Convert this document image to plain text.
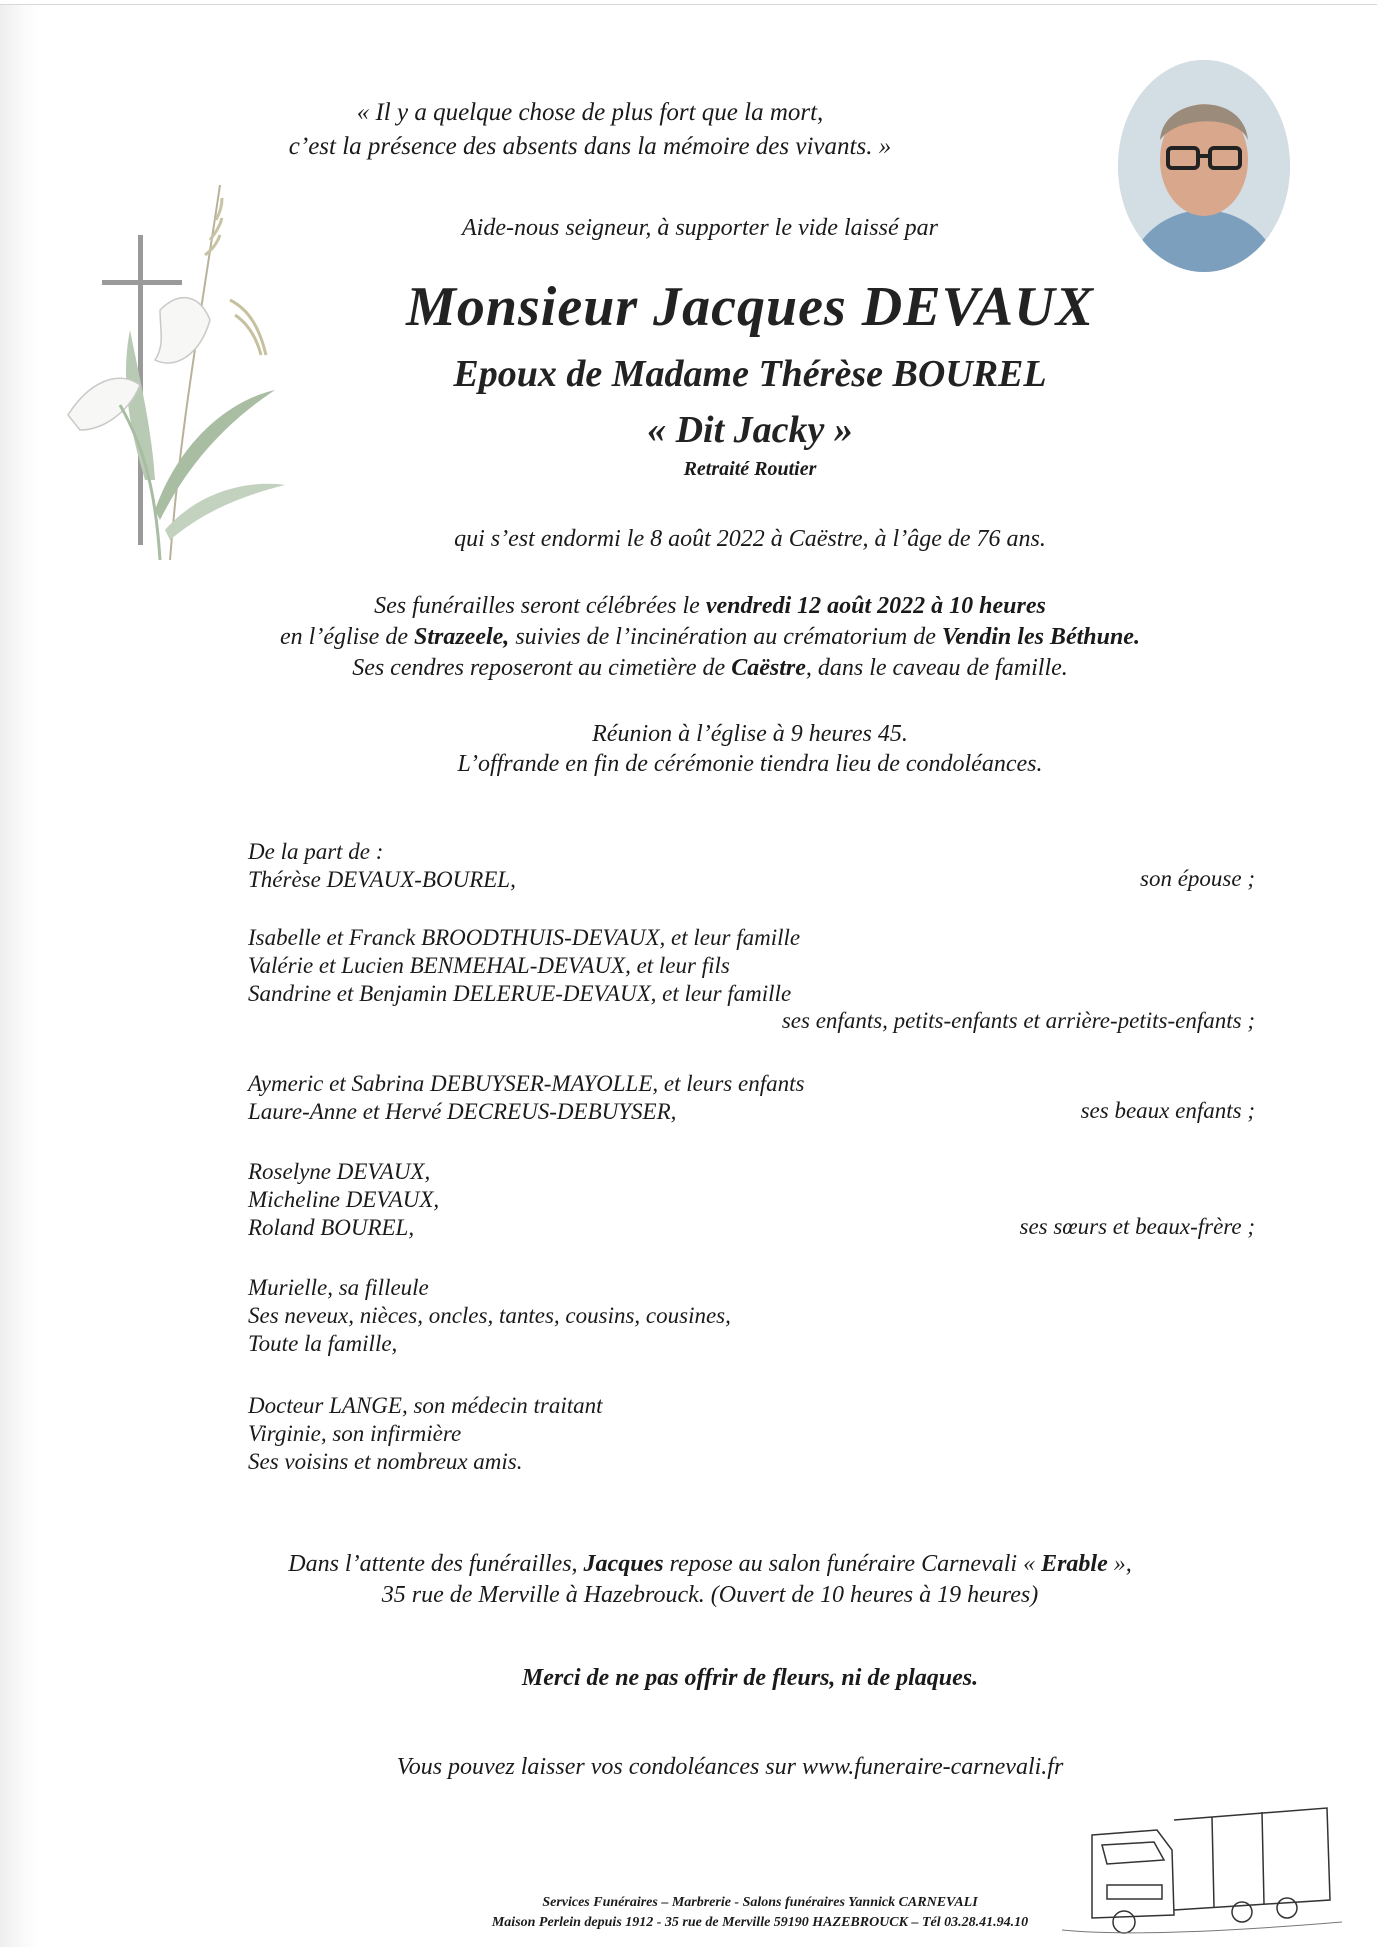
« Il y a quelque chose de plus fort que la mort,
c’est la présence des absents dans la mémoire des vivants. »
Aide-nous seigneur, à supporter le vide laissé par
Monsieur Jacques DEVAUX
Epoux de Madame Thérèse BOUREL
« Dit Jacky »
Retraité Routier
qui s’est endormi le 8 août 2022 à Caëstre, à l’âge de 76 ans.
Ses funérailles seront célébrées le vendredi 12 août 2022 à 10 heures
en l’église de Strazeele, suivies de l’incinération au crématorium de Vendin les Béthune.
Ses cendres reposeront au cimetière de Caëstre, dans le caveau de famille.
Réunion à l’église à 9 heures 45.
L’offrande en fin de cérémonie tiendra lieu de condoléances.
De la part de :
Thérèse DEVAUX-BOUREL,	son épouse ;
Isabelle et Franck BROODTHUIS-DEVAUX, et leur famille
Valérie et Lucien BENMEHAL-DEVAUX, et leur fils
Sandrine et Benjamin DELERUE-DEVAUX, et leur famille
ses enfants, petits-enfants et arrière-petits-enfants ;
Aymeric et Sabrina DEBUYSER-MAYOLLE, et leurs enfants
Laure-Anne et Hervé DECREUS-DEBUYSER,	ses beaux enfants ;
Roselyne DEVAUX,
Micheline DEVAUX,
Roland BOUREL,	ses sœurs et beaux-frère ;
Murielle, sa filleule
Ses neveux, nièces, oncles, tantes, cousins, cousines,
Toute la famille,
Docteur LANGE, son médecin traitant
Virginie, son infirmière
Ses voisins et nombreux amis.
Dans l’attente des funérailles, Jacques repose au salon funéraire Carnevali « Erable »,
35 rue de Merville à Hazebrouck. (Ouvert de 10 heures à 19 heures)
Merci de ne pas offrir de fleurs, ni de plaques.
Vous pouvez laisser vos condoléances sur www.funeraire-carnevali.fr
Services Funéraires – Marbrerie - Salons funéraires Yannick CARNEVALI
Maison Perlein depuis 1912 - 35 rue de Merville 59190 HAZEBROUCK – Tél 03.28.41.94.10
